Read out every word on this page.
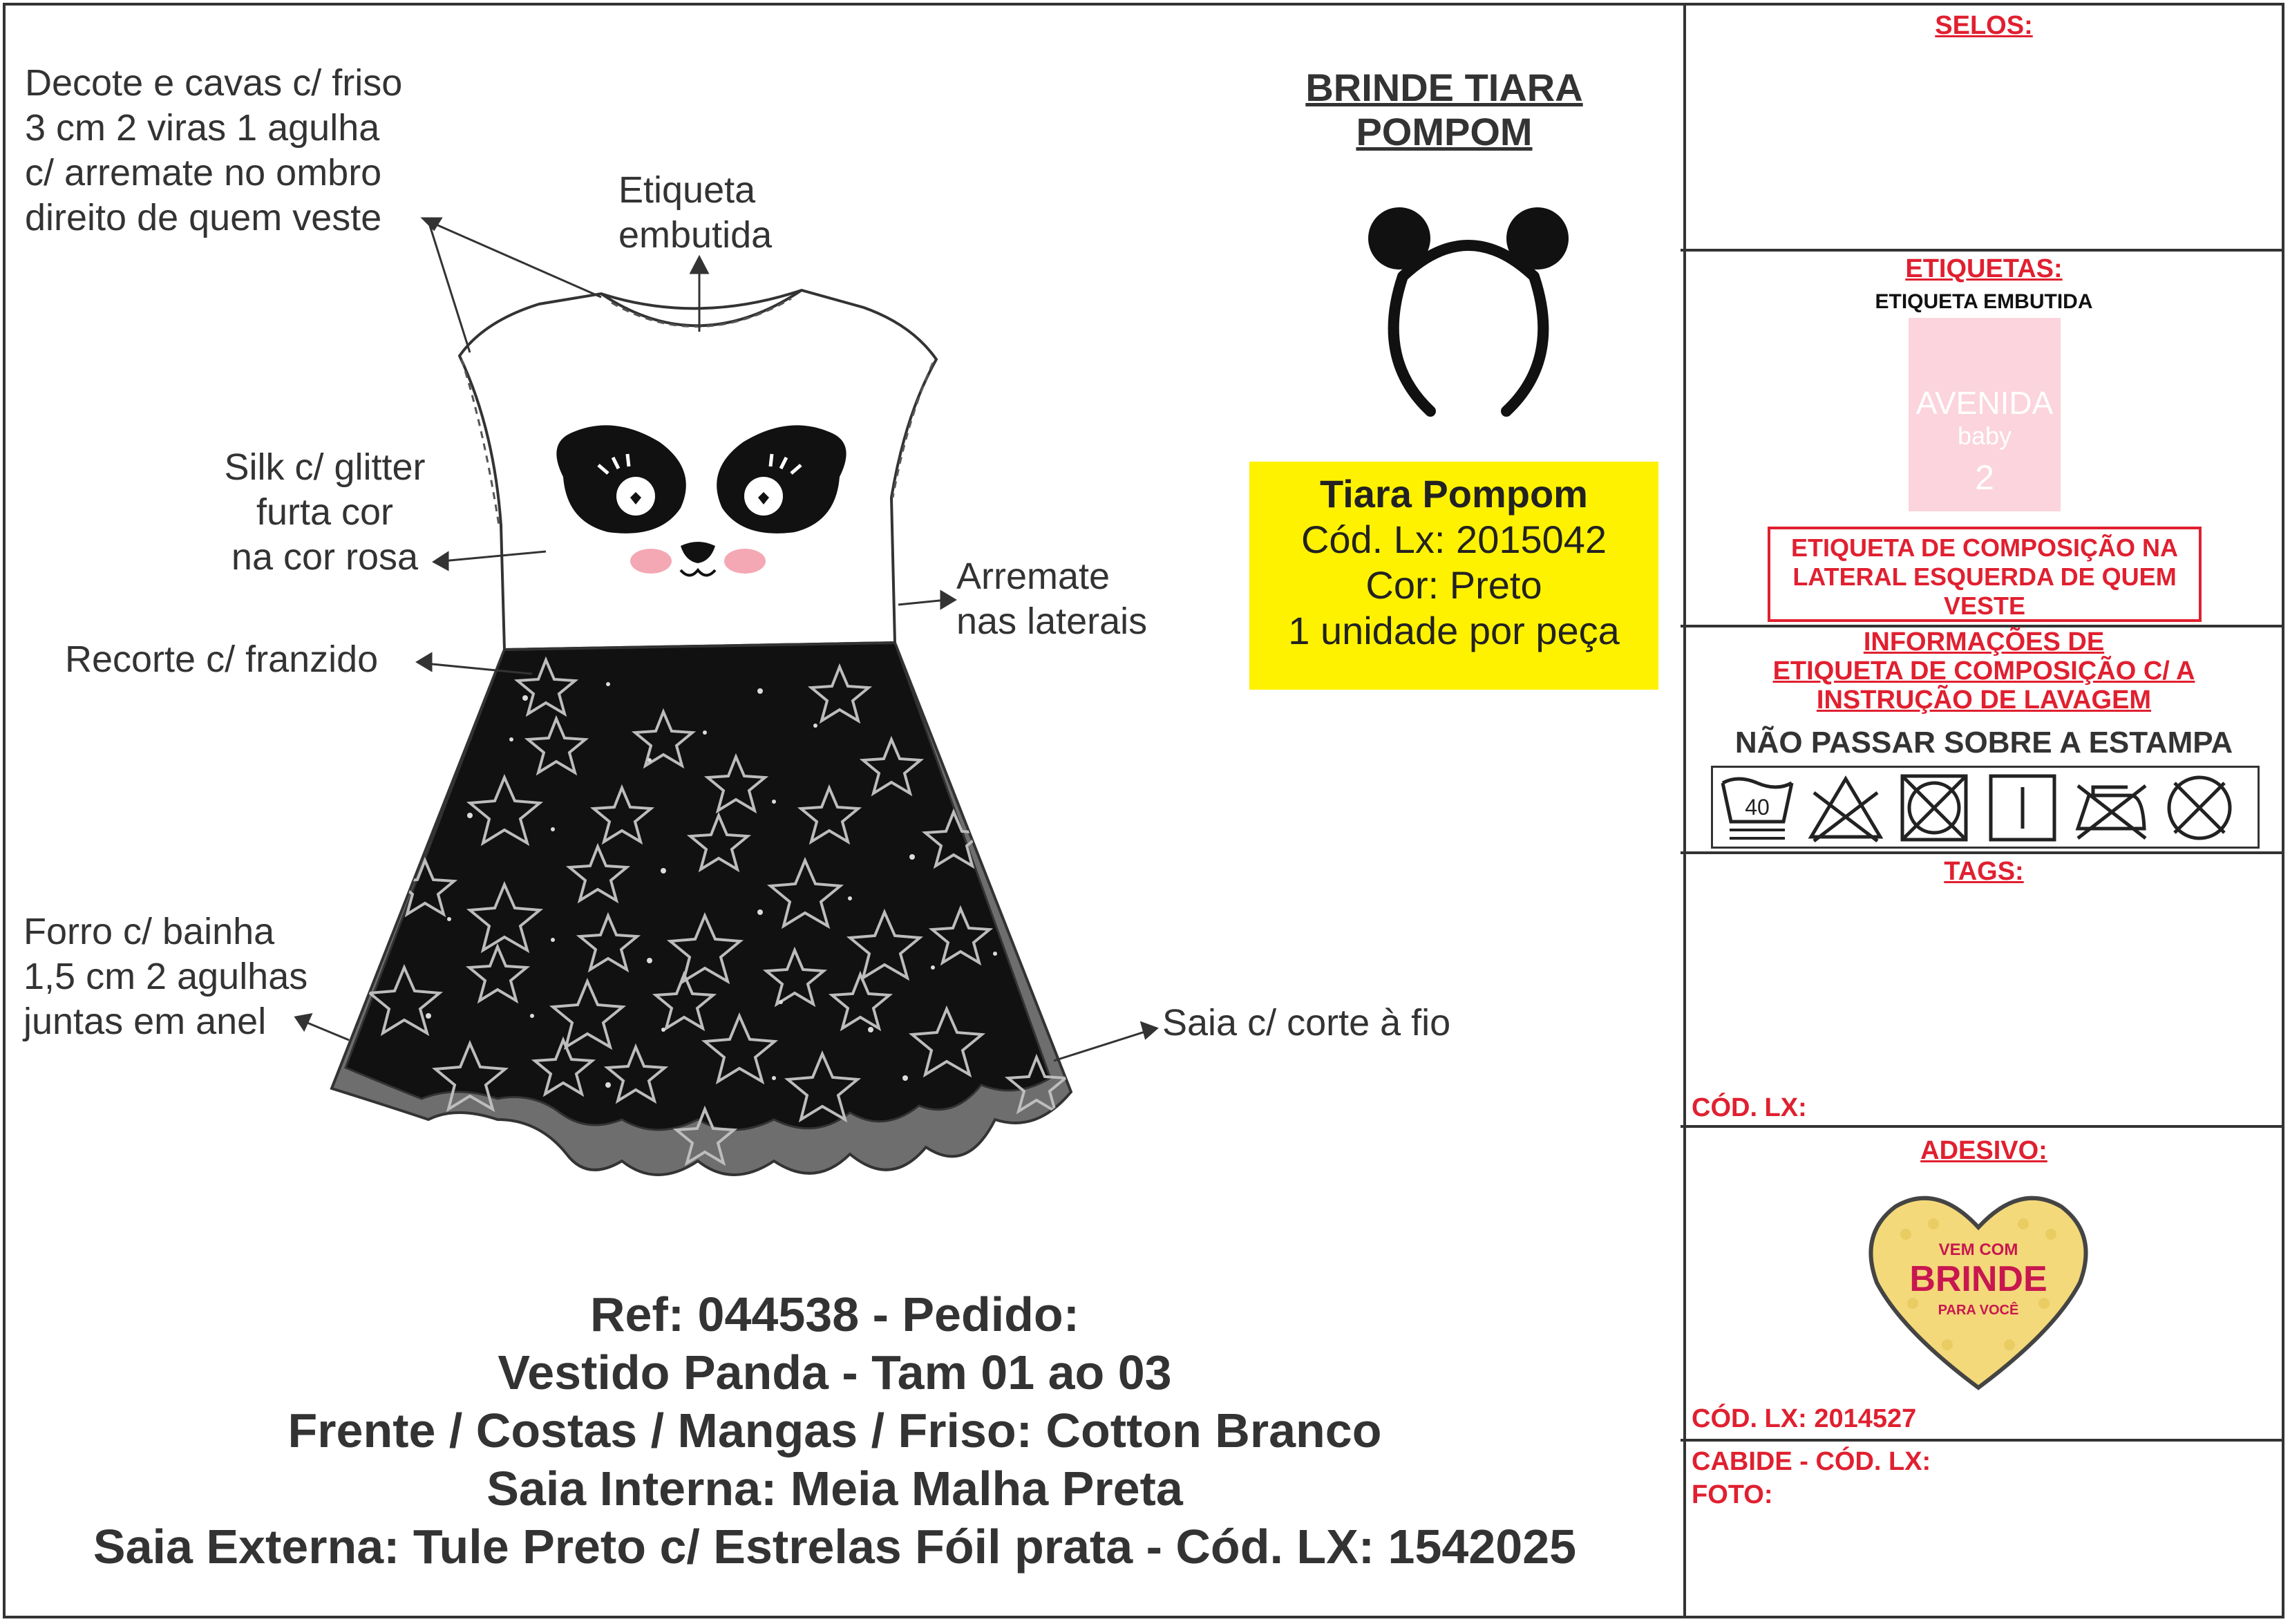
Decote e cavas c/ friso
3 cm 2 viras 1 agulha
c/ arremate no ombro
direito de quem veste
Etiqueta
embutida
Silk c/ glitter
furta cor
na cor rosa	Arremate
nas laterais
Recorte c/ franzido
Forro c/ bainha
1,5 cm 2 agulhas
juntas em anel	Saia c/ corte à fio
BRINDE TIARA
POMPOM
Tiara Pompom
Cód. Lx: 2015042
Cor: Preto
1 unidade por peça
Ref: 044538 - Pedido:
Vestido Panda - Tam 01 ao 03
Frente / Costas / Mangas / Friso: Cotton Branco
Saia Interna: Meia Malha Preta
Saia Externa: Tule Preto c/ Estrelas Fóil prata - Cód. LX: 1542025
SELOS:
ETIQUETAS:
ETIQUETA EMBUTIDA
AVENIDA
baby
2
ETIQUETA DE COMPOSIÇÃO NA LATERAL ESQUERDA DE QUEM VESTE
INFORMAÇÕES DE
ETIQUETA DE COMPOSIÇÃO C/ A
INSTRUÇÃO DE LAVAGEM
NÃO PASSAR SOBRE A ESTAMPA
40
TAGS:
CÓD. LX:
ADESIVO:
VEM COM
BRINDE
PARA VOCÊ
CÓD. LX: 2014527
CABIDE - CÓD. LX:
FOTO:
